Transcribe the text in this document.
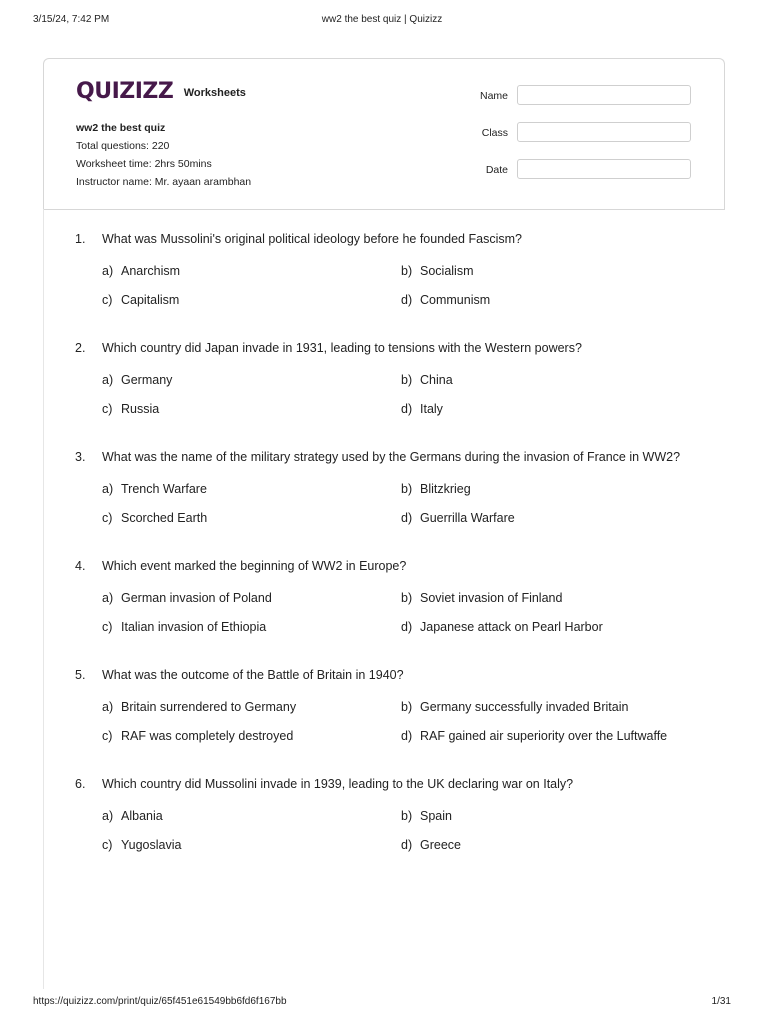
3/15/24, 7:42 PM	ww2 the best quiz | Quizizz
QUIZIZZ Worksheets
ww2 the best quiz
Total questions: 220
Worksheet time: 2hrs 50mins
Instructor name: Mr. ayaan arambhan
Name
Class
Date
1. What was Mussolini's original political ideology before he founded Fascism?
a) Anarchism	b) Socialism
c) Capitalism	d) Communism
2. Which country did Japan invade in 1931, leading to tensions with the Western powers?
a) Germany	b) China
c) Russia	d) Italy
3. What was the name of the military strategy used by the Germans during the invasion of France in WW2?
a) Trench Warfare	b) Blitzkrieg
c) Scorched Earth	d) Guerrilla Warfare
4. Which event marked the beginning of WW2 in Europe?
a) German invasion of Poland	b) Soviet invasion of Finland
c) Italian invasion of Ethiopia	d) Japanese attack on Pearl Harbor
5. What was the outcome of the Battle of Britain in 1940?
a) Britain surrendered to Germany	b) Germany successfully invaded Britain
c) RAF was completely destroyed	d) RAF gained air superiority over the Luftwaffe
6. Which country did Mussolini invade in 1939, leading to the UK declaring war on Italy?
a) Albania	b) Spain
c) Yugoslavia	d) Greece
https://quizizz.com/print/quiz/65f451e61549bb6fd6f167bb	1/31
